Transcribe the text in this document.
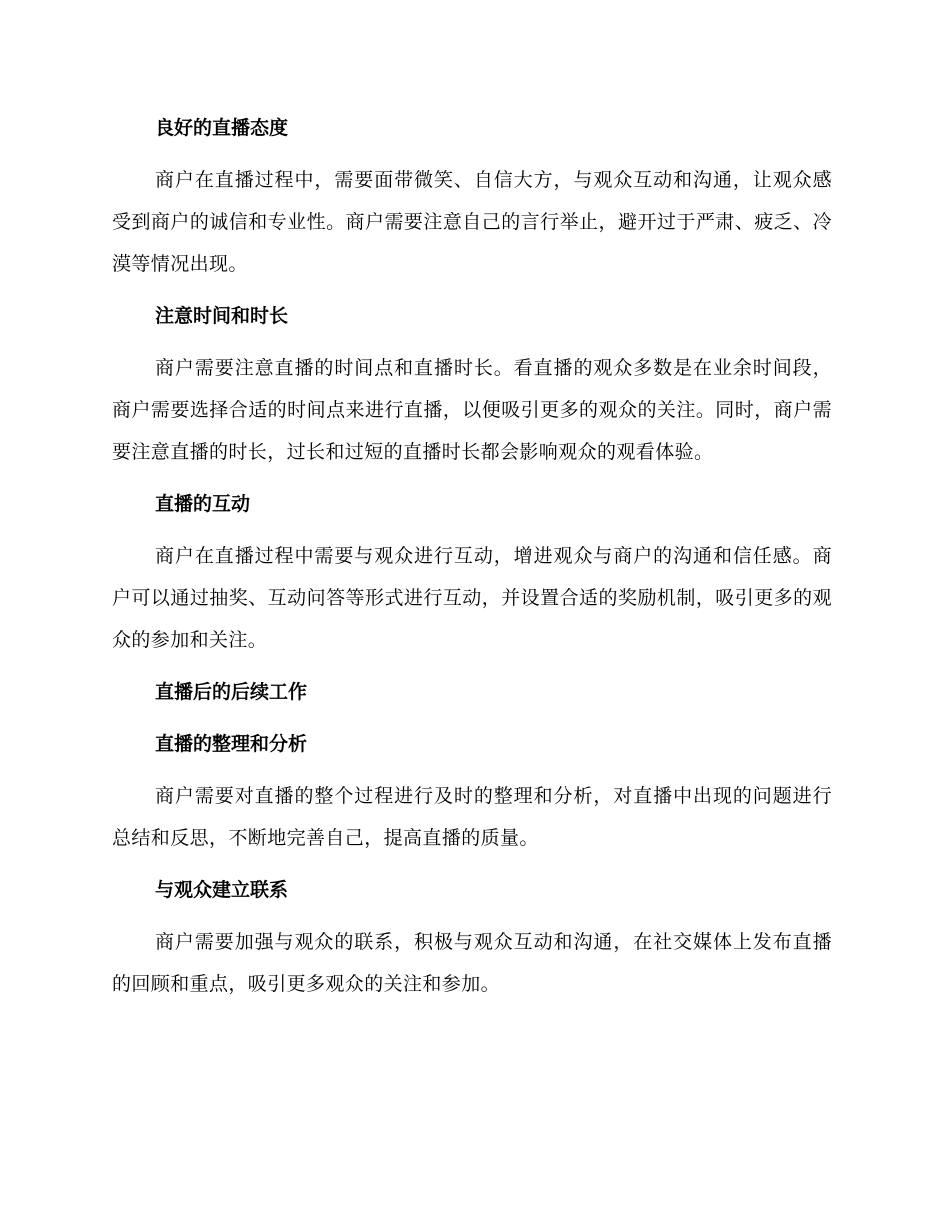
良好的直播态度

商户在直播过程中，需要面带微笑、自信大方，与观众互动和沟通，让观众感受到商户的诚信和专业性。商户需要注意自己的言行举止，避开过于严肃、疲乏、冷漠等情况出现。

注意时间和时长

商户需要注意直播的时间点和直播时长。看直播的观众多数是在业余时间段，商户需要选择合适的时间点来进行直播，以便吸引更多的观众的关注。同时，商户需要注意直播的时长，过长和过短的直播时长都会影响观众的观看体验。

直播的互动

商户在直播过程中需要与观众进行互动，增进观众与商户的沟通和信任感。商户可以通过抽奖、互动问答等形式进行互动，并设置合适的奖励机制，吸引更多的观众的参加和关注。

直播后的后续工作
直播的整理和分析

商户需要对直播的整个过程进行及时的整理和分析，对直播中出现的问题进行总结和反思，不断地完善自己，提高直播的质量。

与观众建立联系

商户需要加强与观众的联系，积极与观众互动和沟通，在社交媒体上发布直播的回顾和重点，吸引更多观众的关注和参加。
